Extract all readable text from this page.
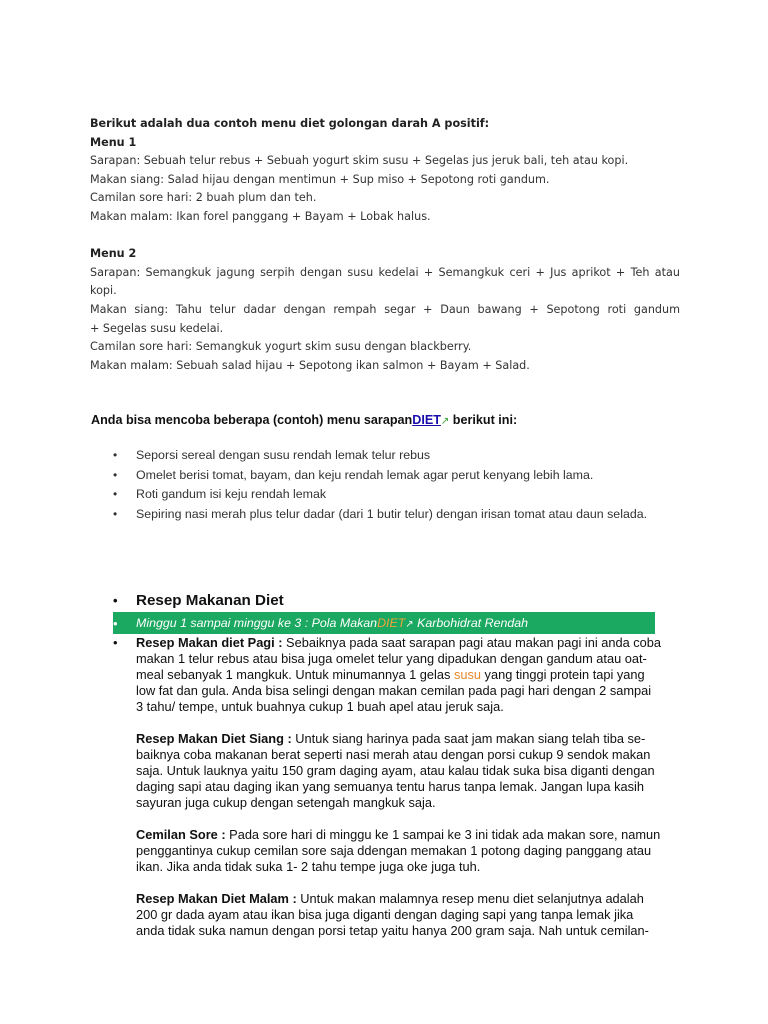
Berikut adalah dua contoh menu diet golongan darah A positif:
Menu 1
Sarapan: Sebuah telur rebus + Sebuah yogurt skim susu + Segelas jus jeruk bali, teh atau kopi.
Makan siang: Salad hijau dengan mentimun + Sup miso + Sepotong roti gandum.
Camilan sore hari: 2 buah plum dan teh.
Makan malam: Ikan forel panggang + Bayam + Lobak halus.
Menu 2
Sarapan: Semangkuk jagung serpih dengan susu kedelai + Semangkuk ceri + Jus aprikot + Teh atau
kopi.
Makan siang: Tahu telur dadar dengan rempah segar + Daun bawang + Sepotong roti gandum
+ Segelas susu kedelai.
Camilan sore hari: Semangkuk yogurt skim susu dengan blackberry.
Makan malam: Sebuah salad hijau + Sepotong ikan salmon + Bayam + Salad.
Anda bisa mencoba beberapa (contoh) menu sarapanDIET↗ berikut ini:
• Seporsi sereal dengan susu rendah lemak telur rebus
• Omelet berisi tomat, bayam, dan keju rendah lemak agar perut kenyang lebih lama.
• Roti gandum isi keju rendah lemak
• Sepiring nasi merah plus telur dadar (dari 1 butir telur) dengan irisan tomat atau daun selada.
• Resep Makanan Diet
•	Minggu 1 sampai minggu ke 3 : Pola MakanDIET↗ Karbohidrat Rendah
• Resep Makan diet Pagi : Sebaiknya pada saat sarapan pagi atau makan pagi ini anda coba

makan 1 telur rebus atau bisa juga omelet telur yang dipadukan dengan gandum atau oat-

meal sebanyak 1 mangkuk. Untuk minumannya 1 gelas susu yang tinggi protein tapi yang

low fat dan gula. Anda bisa selingi dengan makan cemilan pada pagi hari dengan 2 sampai

3 tahu/ tempe, untuk buahnya cukup 1 buah apel atau jeruk saja.

Resep Makan Diet Siang : Untuk siang harinya pada saat jam makan siang telah tiba se-

baiknya coba makanan berat seperti nasi merah atau dengan porsi cukup 9 sendok makan

saja. Untuk lauknya yaitu 150 gram daging ayam, atau kalau tidak suka bisa diganti dengan

daging sapi atau daging ikan yang semuanya tentu harus tanpa lemak. Jangan lupa kasih

sayuran juga cukup dengan setengah mangkuk saja.

Cemilan Sore : Pada sore hari di minggu ke 1 sampai ke 3 ini tidak ada makan sore, namun

penggantinya cukup cemilan sore saja ddengan memakan 1 potong daging panggang atau

ikan. Jika anda tidak suka 1- 2 tahu tempe juga oke juga tuh.

Resep Makan Diet Malam : Untuk makan malamnya resep menu diet selanjutnya adalah

200 gr dada ayam atau ikan bisa juga diganti dengan daging sapi yang tanpa lemak jika

anda tidak suka namun dengan porsi tetap yaitu hanya 200 gram saja. Nah untuk cemilan-
